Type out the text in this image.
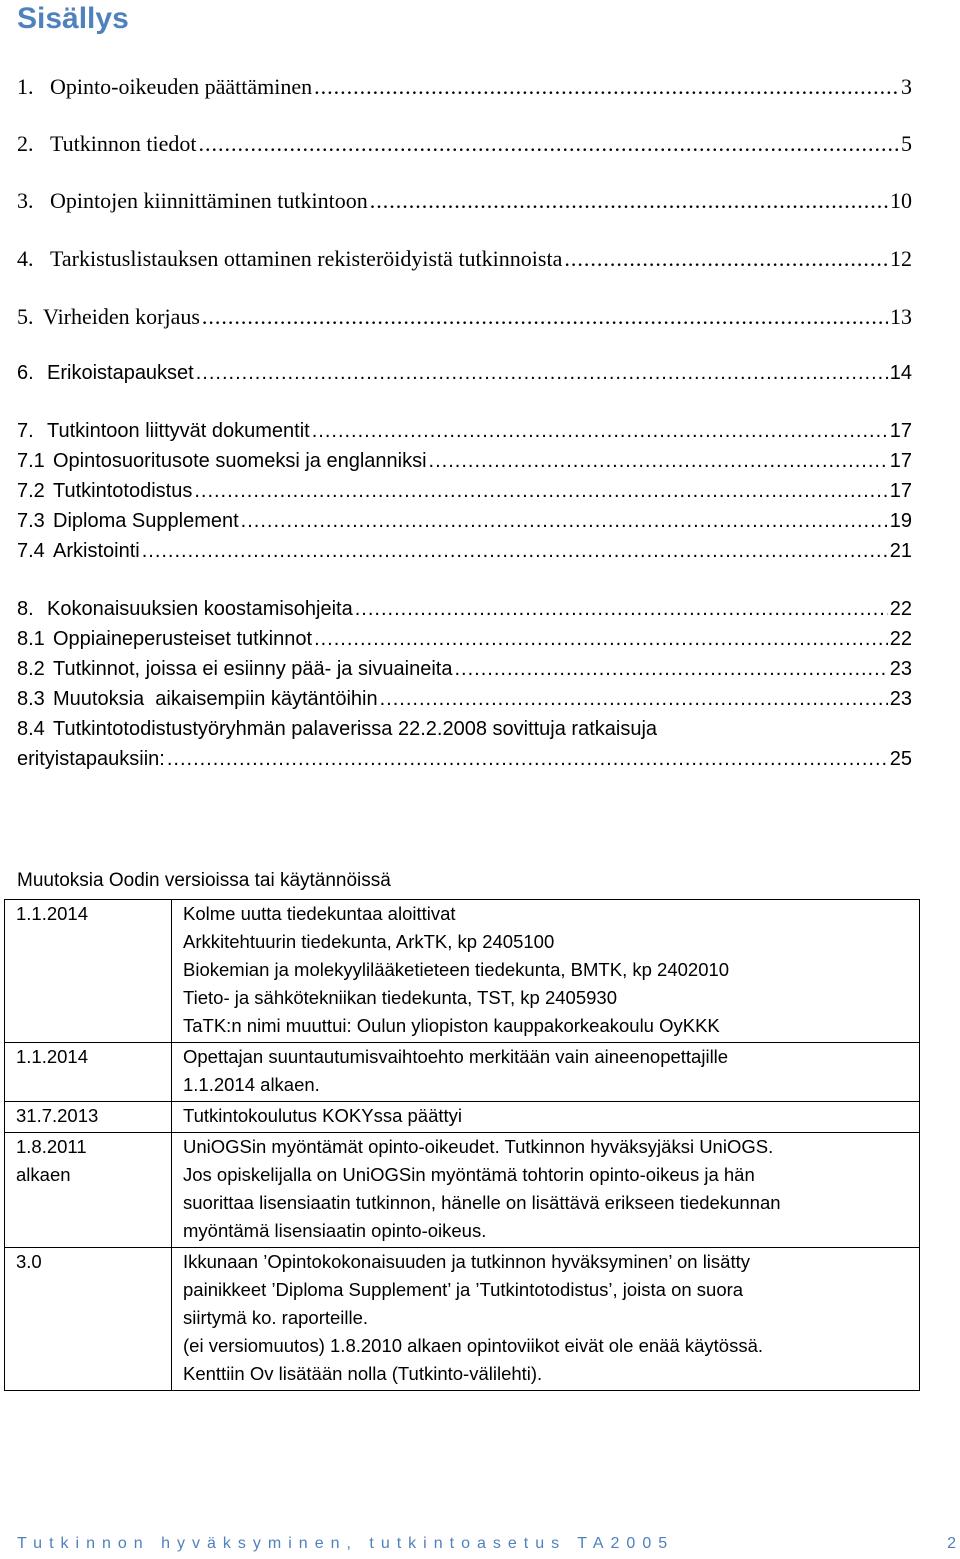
Sisällys
1. Opinto-oikeuden päättäminen .....	3
2. Tutkinnon tiedot .....	5
3. Opintojen kiinnittäminen tutkintoon .....	10
4. Tarkistuslistauksen ottaminen rekisteröidyistä tutkinnoista .....	12
5. Virheiden korjaus .....	13
6. Erikoistapaukset .....	14
7. Tutkintoon liittyvät dokumentit .....	17
7.1 Opintosuoritusote suomeksi ja englanniksi .....	17
7.2 Tutkintotodistus .....	17
7.3 Diploma Supplement .....	19
7.4 Arkistointi .....	21
8. Kokonaisuuksien koostamisohjeita .....	22
8.1 Oppiaineperusteiset tutkinnot .....	22
8.2 Tutkinnot, joissa ei esiinny pää- ja sivuaineita .....	23
8.3 Muutoksia  aikaisempiin käytäntöihin .....	23
8.4 Tutkintotodistustyöryhmän palaverissa 22.2.2008 sovittuja ratkaisuja
erityistapauksiin: .....	25
Muutoksia Oodin versioissa tai käytännöissä
1.1.2014	Kolme uutta tiedekuntaa aloittivat
Arkkitehtuurin tiedekunta, ArkTK, kp 2405100
Biokemian ja molekyylilääketieteen tiedekunta, BMTK, kp 2402010
Tieto- ja sähkötekniikan tiedekunta, TST, kp 2405930
TaTK:n nimi muuttui: Oulun yliopiston kauppakorkeakoulu OyKKK

1.1.2014	Opettajan suuntautumisvaihtoehto merkitään vain aineenopettajille
1.1.2014 alkaen.

31.7.2013	Tutkintokoulutus KOKYssa päättyi

1.8.2011
alkaen	UniOGSin myöntämät opinto-oikeudet. Tutkinnon hyväksyjäksi UniOGS.
Jos opiskelijalla on UniOGSin myöntämä tohtorin opinto-oikeus ja hän
suorittaa lisensiaatin tutkinnon, hänelle on lisättävä erikseen tiedekunnan
myöntämä lisensiaatin opinto-oikeus.

3.0	Ikkunaan ’Opintokokonaisuuden ja tutkinnon hyväksyminen’ on lisätty
painikkeet ’Diploma Supplement’ ja ’Tutkintotodistus’, joista on suora
siirtymä ko. raporteille.
(ei versiomuutos) 1.8.2010 alkaen opintoviikot eivät ole enää käytössä.
Kenttiin Ov lisätään nolla (Tutkinto-välilehti).
Tutkinnon hyväksyminen, tutkintoasetus TA2005	2
